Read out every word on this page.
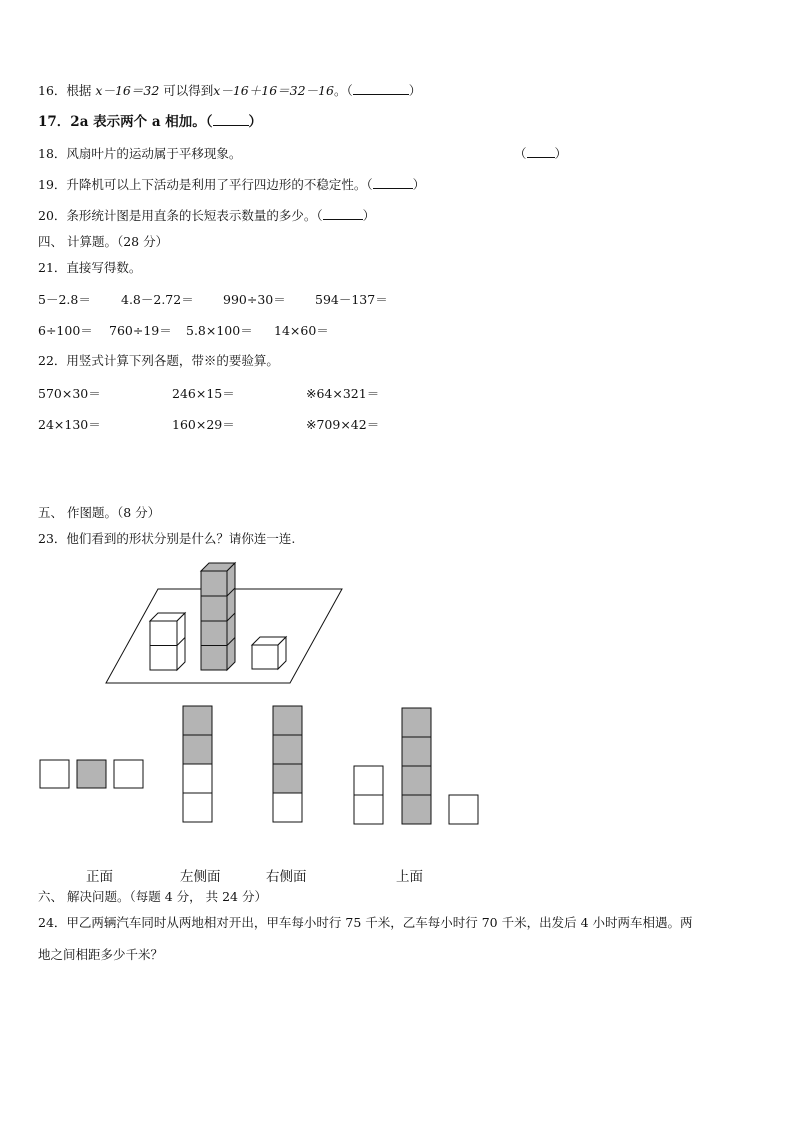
16．根据 x－16＝32 可以得到x－16＋16＝32－16。（	）
17．2a 表示两个 a 相加。（	）
18．风扇叶片的运动属于平移现象。	（ ）
19．升降机可以上下活动是利用了平行四边形的不稳定性。（	）
20．条形统计图是用直条的长短表示数量的多少。（	）
四、 计算题。（28 分）
21．直接写得数。
5－2.8＝ 4.8－2.72＝ 990÷30＝ 594－137＝
6÷100＝ 760÷19＝ 5.8×100＝ 14×60＝
22．用竖式计算下列各题，带※的要验算。
570×30＝	246×15＝	※64×321＝
24×130＝	160×29＝	※709×42＝
五、 作图题。（8 分）
23．他们看到的形状分别是什么？请你连一连.
正面	左侧面	右侧面	上面
六、 解决问题。（每题 4 分， 共 24 分）
24．甲乙两辆汽车同时从两地相对开出，甲车每小时行 75 千米，乙车每小时行 70 千米，出发后 4 小时两车相遇。两
地之间相距多少千米？
